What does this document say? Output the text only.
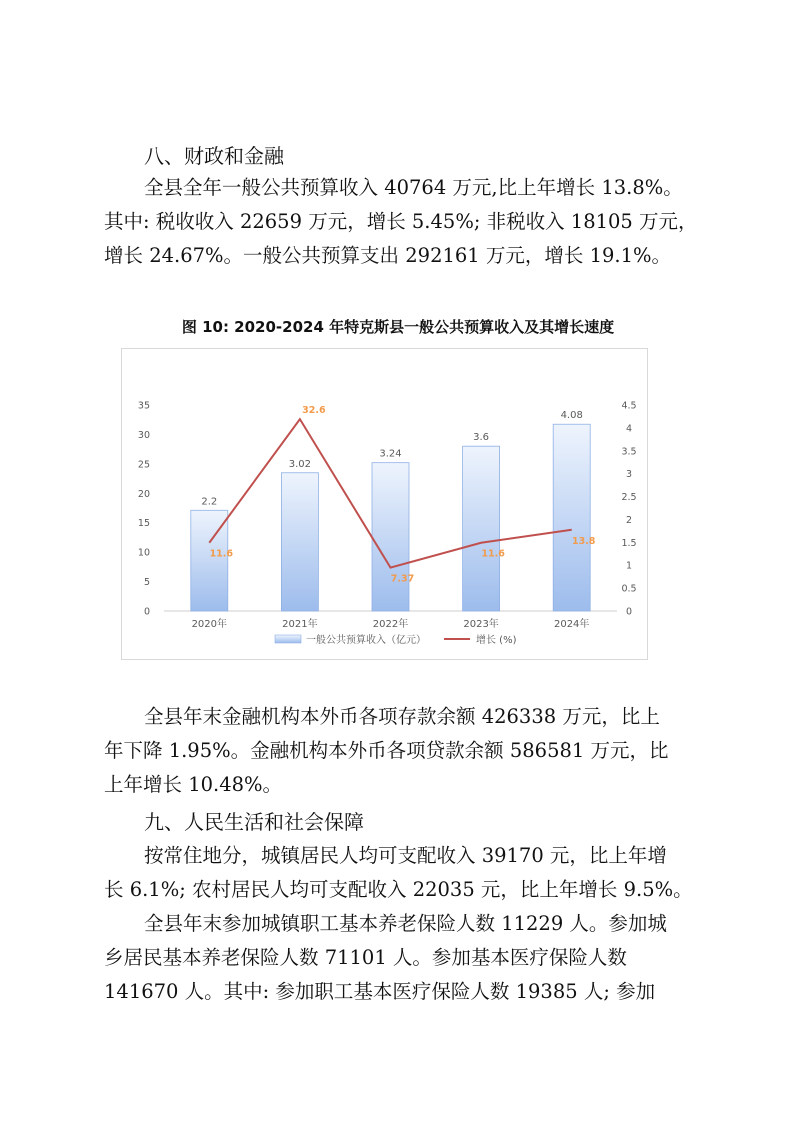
八、财政和金融
全县全年一般公共预算收入 40764 万元,比上年增长 13.8%。
其中: 税收收入 22659 万元，增长 5.45%; 非税收入 18105 万元，
增长 24.67%。一般公共预算支出 292161 万元，增长 19.1%。
图 10: 2020-2024 年特克斯县一般公共预算收入及其增长速度
0
5
10
15
20
25
30
35
0
0.5
1
1.5
2
2.5
3
3.5
4
4.5
2.2
3.02
3.24
3.6
4.08
11.6
32.6
7.37
11.6
13.8
2020年	2021年	2022年	2023年	2024年
一般公共预算收入（亿元）	增长 (%)
全县年末金融机构本外币各项存款余额 426338 万元，比上
年下降 1.95%。金融机构本外币各项贷款余额 586581 万元，比
上年增长 10.48%。
九、人民生活和社会保障
按常住地分，城镇居民人均可支配收入 39170 元，比上年增
长 6.1%; 农村居民人均可支配收入 22035 元，比上年增长 9.5%。
全县年末参加城镇职工基本养老保险人数 11229 人。参加城
乡居民基本养老保险人数 71101 人。参加基本医疗保险人数
141670 人。其中: 参加职工基本医疗保险人数 19385 人; 参加
